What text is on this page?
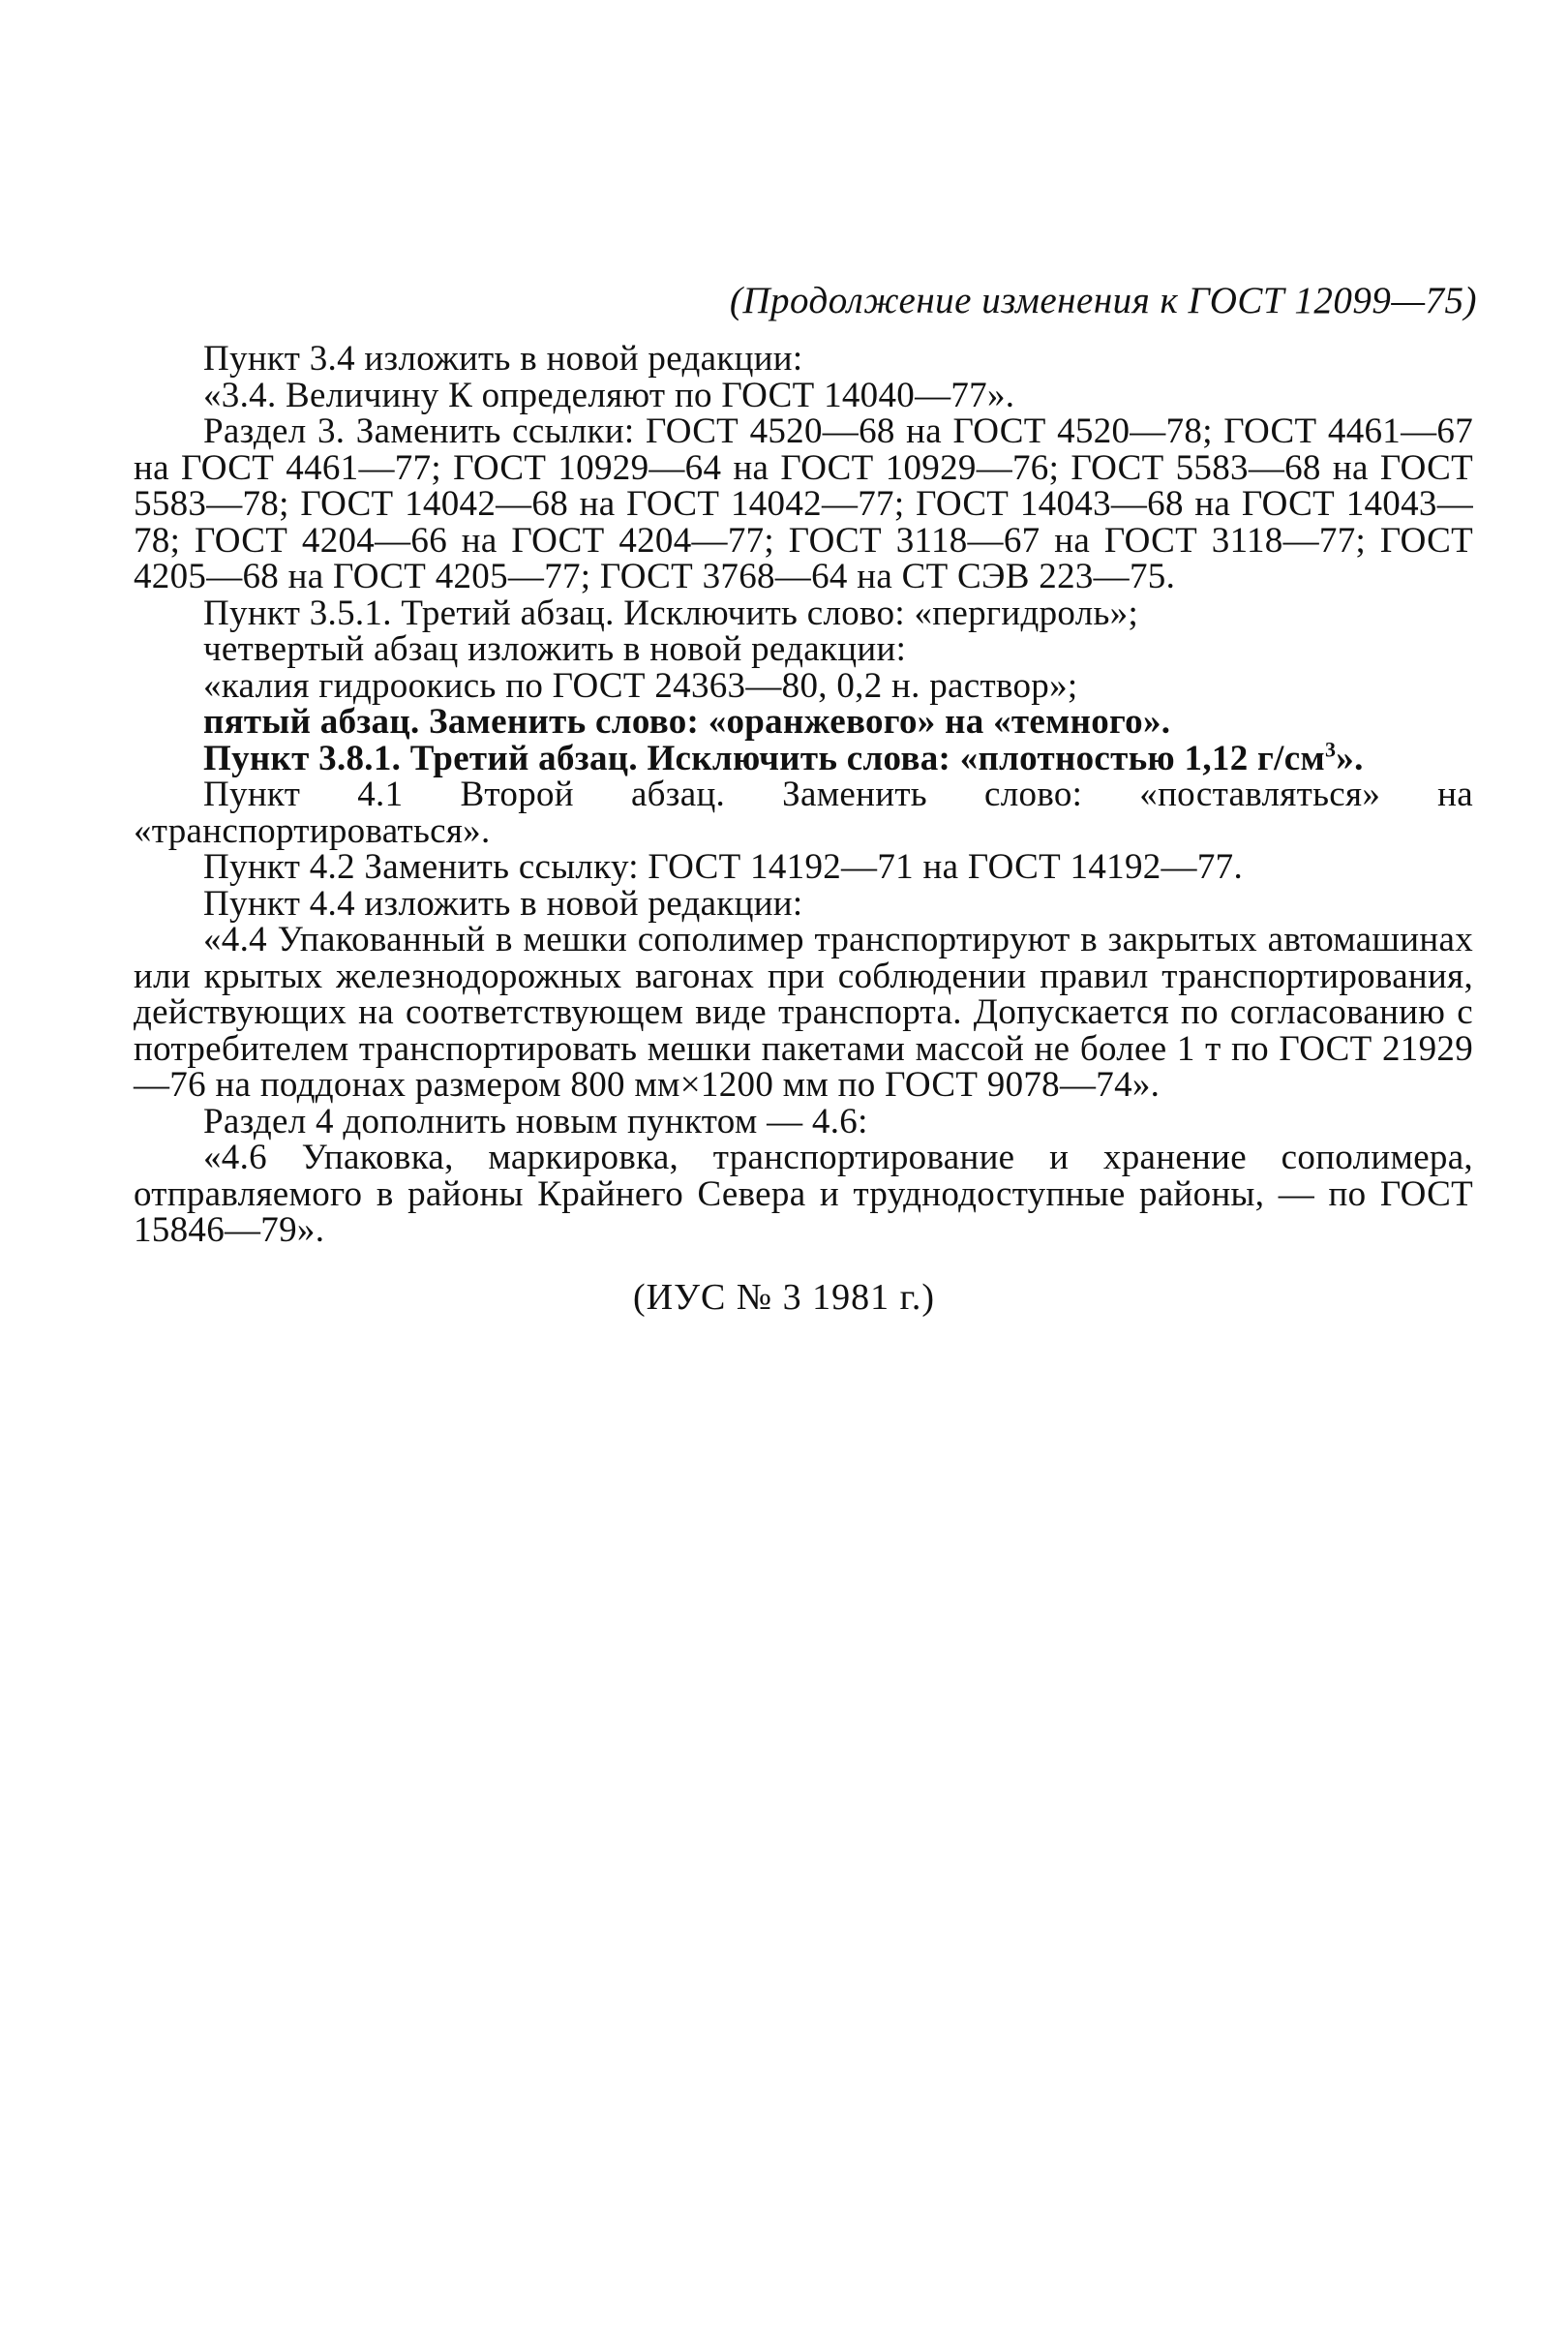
(Продолжение изменения к ГОСТ 12099—75)

Пункт 3.4 изложить в новой редакции:

«3.4. Величину К определяют по ГОСТ 14040—77».

Раздел 3. Заменить ссылки: ГОСТ 4520—68 на ГОСТ 4520—78; ГОСТ 4461—67 на ГОСТ 4461—77; ГОСТ 10929—64 на ГОСТ 10929—76; ГОСТ 5583—68 на ГОСТ 5583—78; ГОСТ 14042—68 на ГОСТ 14042—77; ГОСТ 14043—68 на ГОСТ 14043—78; ГОСТ 4204—66 на ГОСТ 4204—77; ГОСТ 3118—67 на ГОСТ 3118—77; ГОСТ 4205—68 на ГОСТ 4205—77; ГОСТ 3768—64 на СТ СЭВ 223—75.

Пункт 3.5.1. Третий абзац. Исключить слово: «пергидроль»;

четвертый абзац изложить в новой редакции:

«калия гидроокись по ГОСТ 24363—80, 0,2 н. раствор»;

пятый абзац. Заменить слово: «оранжевого» на «темного».

Пункт 3.8.1. Третий абзац. Исключить слова: «плотностью 1,12 $г/см^3$».

Пункт 4.1 Второй абзац. Заменить слово: «поставляться» на «транспортироваться».

Пункт 4.2 Заменить ссылку: ГОСТ 14192—71 на ГОСТ 14192—77.

Пункт 4.4 изложить в новой редакции:

«4.4 Упакованный в мешки сополимер транспортируют в закрытых автомашинах или крытых железнодорожных вагонах при соблюдении правил транспортирования, действующих на соответствующем виде транспорта. Допускается по согласованию с потребителем транспортировать мешки пакетами массой не более 1 т по ГОСТ 21929—76 на поддонах размером 800 мм×1200 мм по ГОСТ 9078—74».

Раздел 4 дополнить новым пунктом — 4.6:

«4.6 Упаковка, маркировка, транспортирование и хранение сополимера, отправляемого в районы Крайнего Севера и труднодоступные районы, — по ГОСТ 15846—79».

(ИУС № 3 1981 г.)
